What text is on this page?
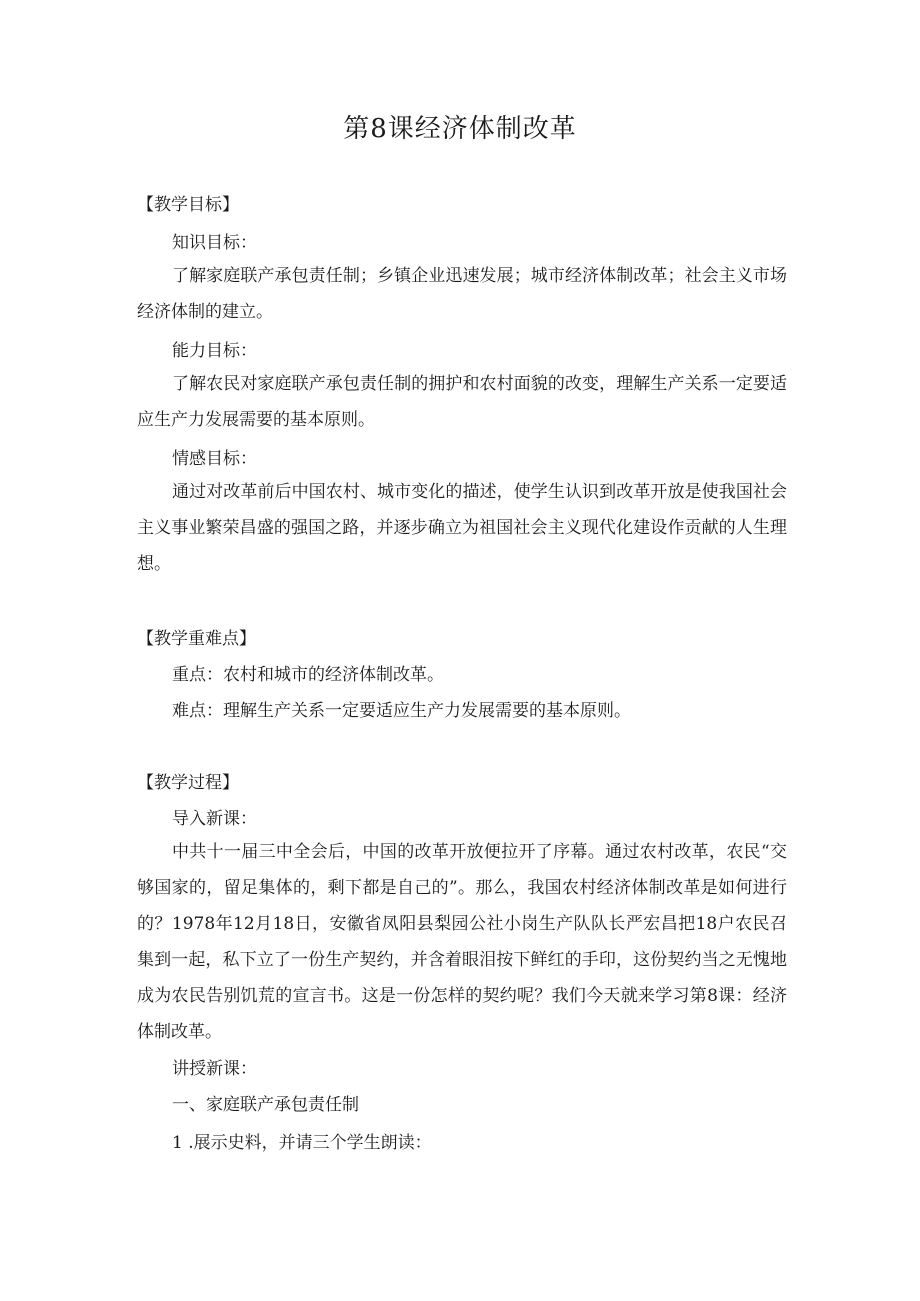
第8课经济体制改革
【教学目标】
知识目标：
了解家庭联产承包责任制；乡镇企业迅速发展；城市经济体制改革；社会主义市场经济体制的建立。
能力目标：
了解农民对家庭联产承包责任制的拥护和农村面貌的改变，理解生产关系一定要适应生产力发展需要的基本原则。
情感目标：
通过对改革前后中国农村、城市变化的描述，使学生认识到改革开放是使我国社会主义事业繁荣昌盛的强国之路，并逐步确立为祖国社会主义现代化建设作贡献的人生理想。
【教学重难点】
重点：农村和城市的经济体制改革。
难点：理解生产关系一定要适应生产力发展需要的基本原则。
【教学过程】
导入新课：
中共十一届三中全会后，中国的改革开放便拉开了序幕。通过农村改革，农民“交够国家的，留足集体的，剩下都是自己的”。那么，我国农村经济体制改革是如何进行的？1978年12月18日，安徽省凤阳县梨园公社小岗生产队队长严宏昌把18户农民召集到一起，私下立了一份生产契约，并含着眼泪按下鲜红的手印，这份契约当之无愧地成为农民告别饥荒的宣言书。这是一份怎样的契约呢？我们今天就来学习第8课：经济体制改革。
讲授新课：
一、家庭联产承包责任制
1 .展示史料，并请三个学生朗读：
